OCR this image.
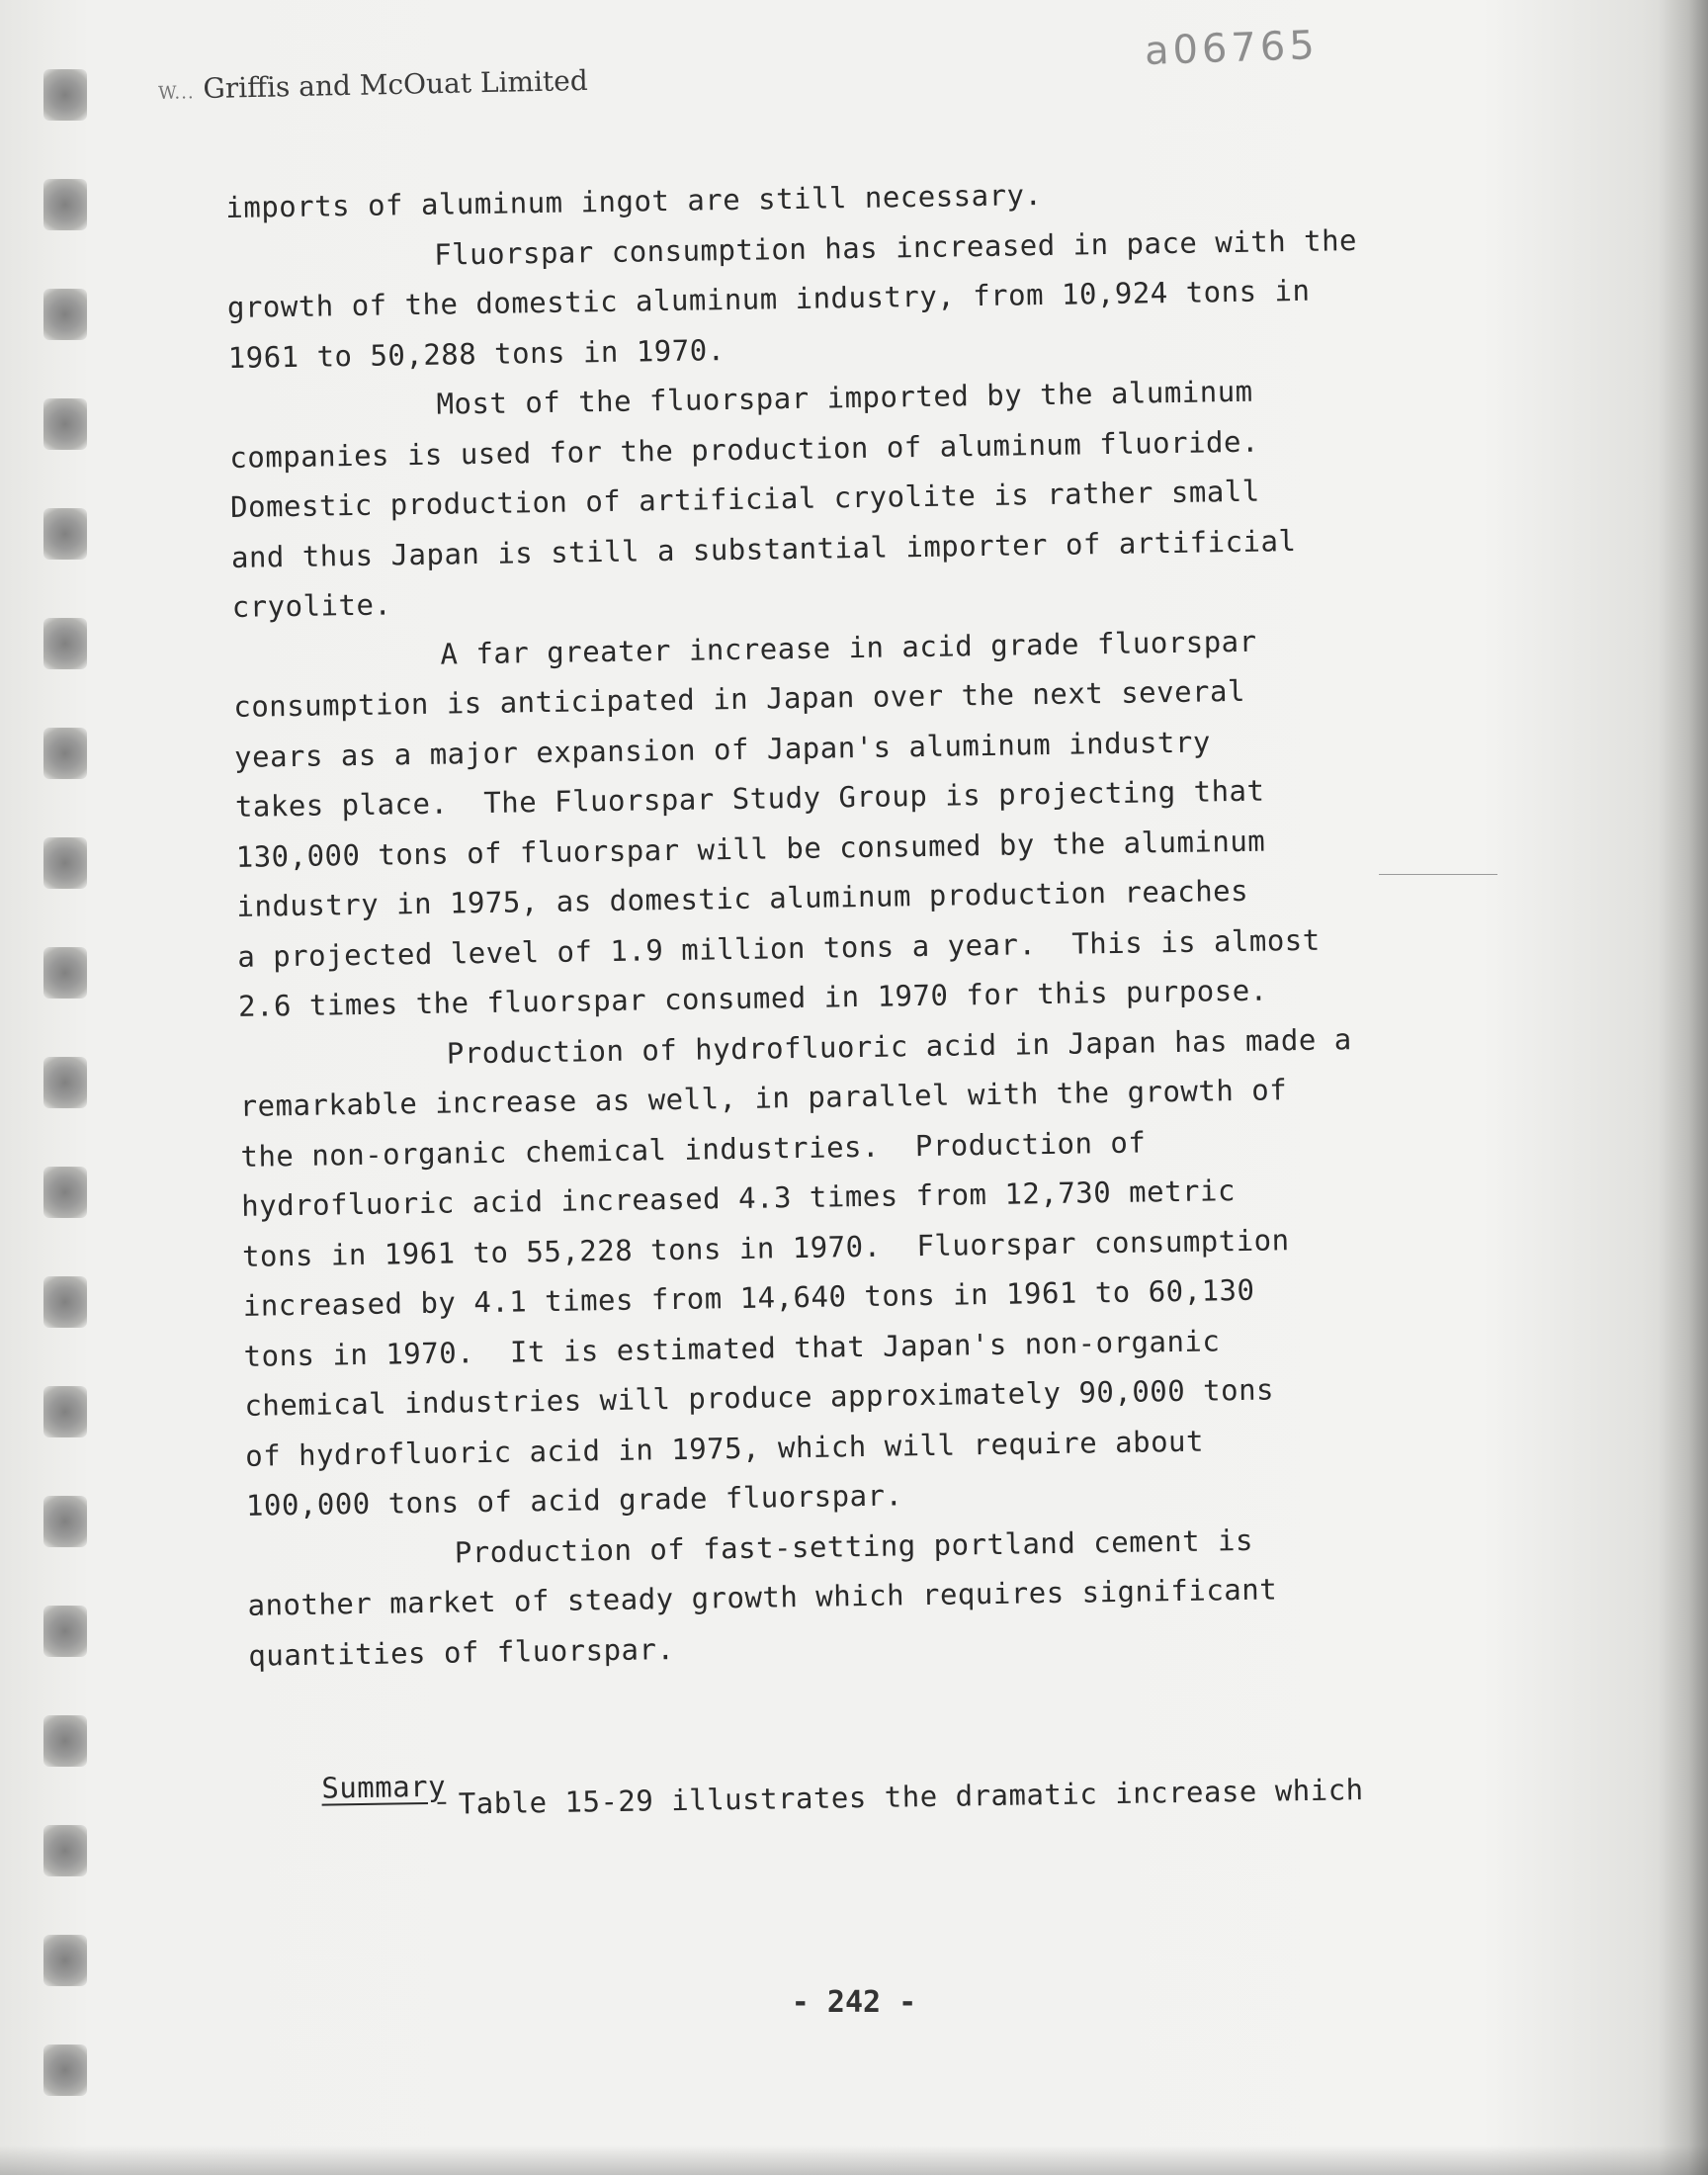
a06765
W... Griffis and McOuat Limited
imports of aluminum ingot are still necessary.
Fluorspar consumption has increased in pace with the
growth of the domestic aluminum industry, from 10,924 tons in
1961 to 50,288 tons in 1970.
Most of the fluorspar imported by the aluminum
companies is used for the production of aluminum fluoride.
Domestic production of artificial cryolite is rather small
and thus Japan is still a substantial importer of artificial
cryolite.
A far greater increase in acid grade fluorspar
consumption is anticipated in Japan over the next several
years as a major expansion of Japan's aluminum industry
takes place.  The Fluorspar Study Group is projecting that
130,000 tons of fluorspar will be consumed by the aluminum
industry in 1975, as domestic aluminum production reaches
a projected level of 1.9 million tons a year.  This is almost
2.6 times the fluorspar consumed in 1970 for this purpose.
Production of hydrofluoric acid in Japan has made a
remarkable increase as well, in parallel with the growth of
the non-organic chemical industries.  Production of
hydrofluoric acid increased 4.3 times from 12,730 metric
tons in 1961 to 55,228 tons in 1970.  Fluorspar consumption
increased by 4.1 times from 14,640 tons in 1961 to 60,130
tons in 1970.  It is estimated that Japan's non-organic
chemical industries will produce approximately 90,000 tons
of hydrofluoric acid in 1975, which will require about
100,000 tons of acid grade fluorspar.
Production of fast-setting portland cement is
another market of steady growth which requires significant
quantities of fluorspar.

Summary
Table 15-29 illustrates the dramatic increase which
- 242 -
